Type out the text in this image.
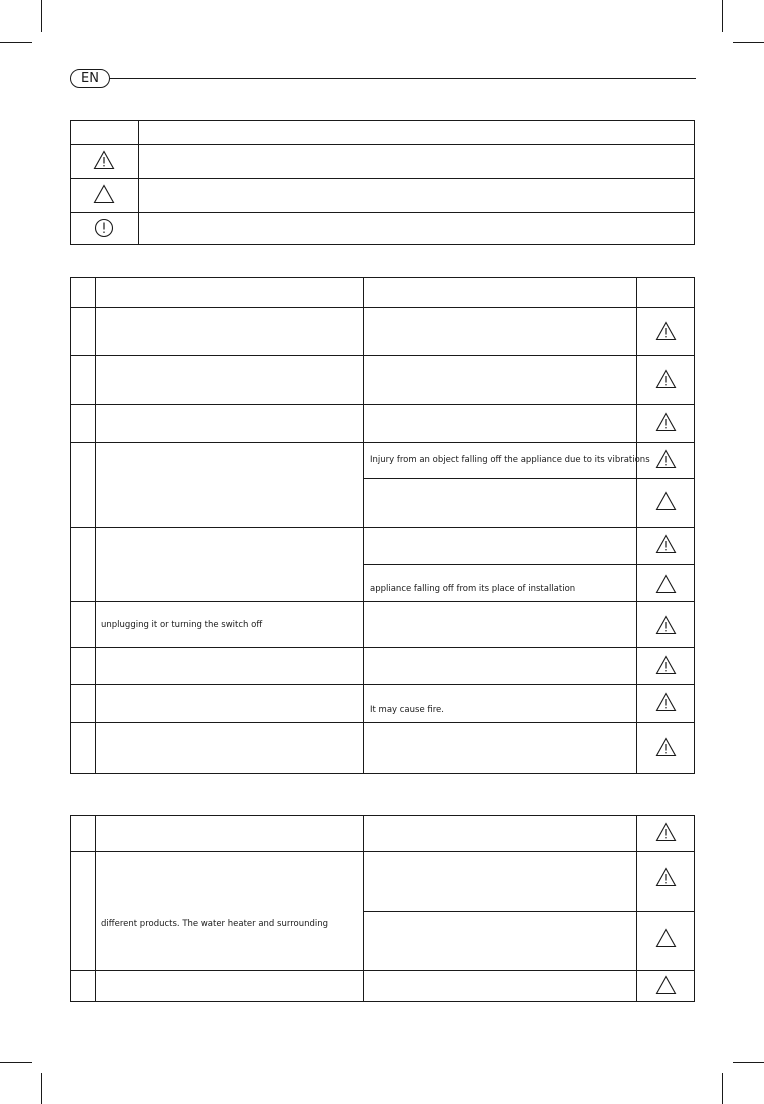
EN
Injury from an object falling off the appliance due to its vibrations
appliance falling off from its place of installation
unplugging it or turning the switch off
It may cause fire.
different products. The water heater and surrounding
